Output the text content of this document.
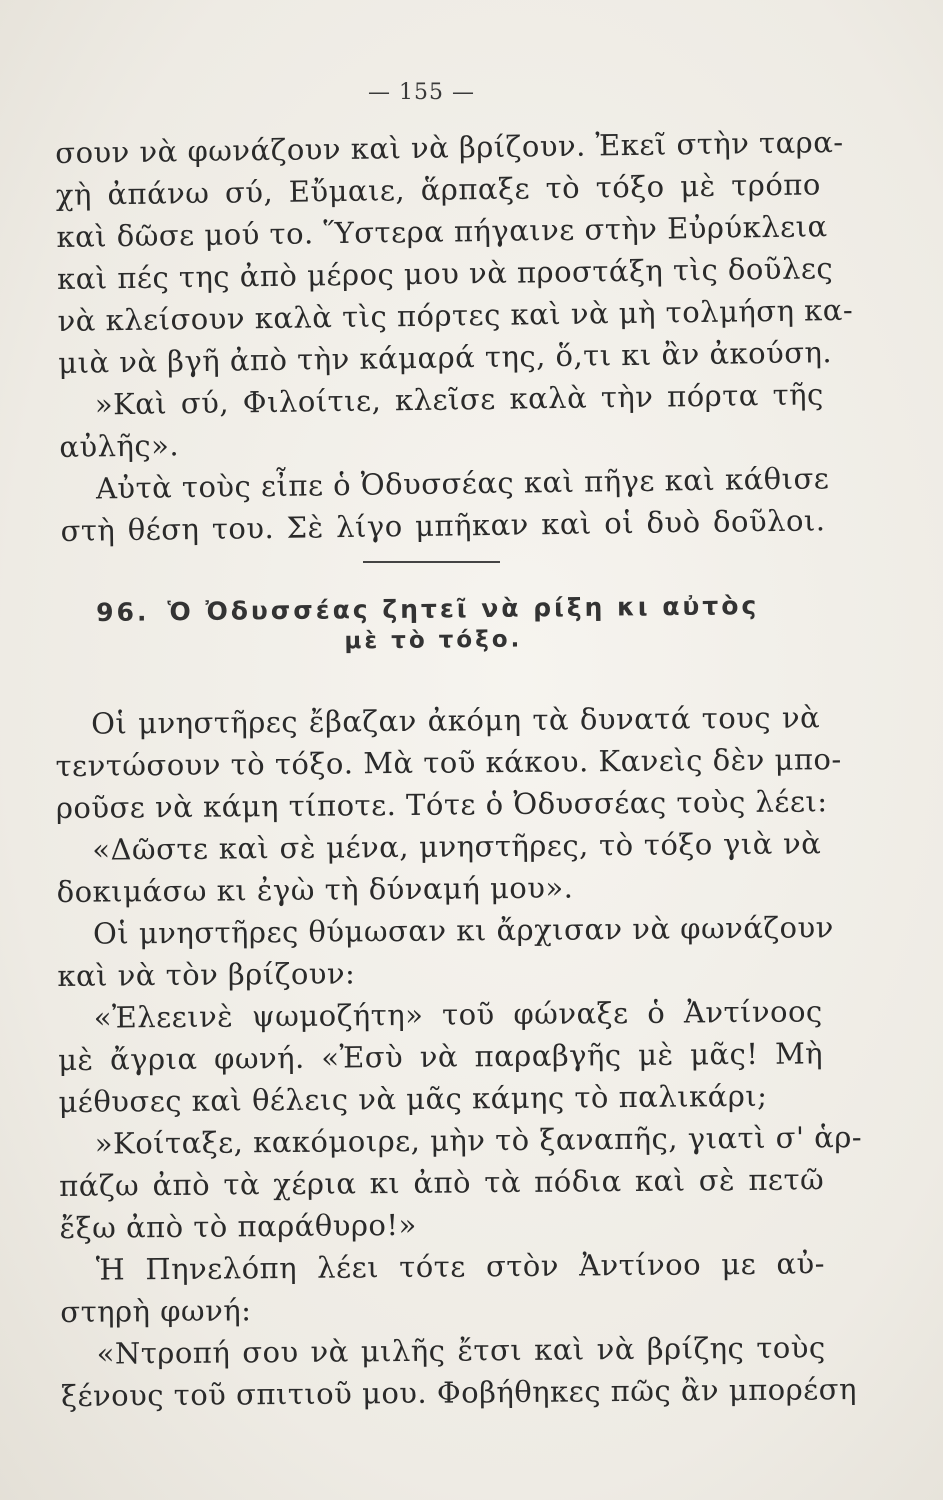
— 155 —
σουν νὰ φωνάζουν καὶ νὰ βρίζουν. Ἐκεῖ στὴν ταρα-
χὴ ἀπάνω σύ, Εὔμαιε, ἅρπαξε τὸ τόξο μὲ τρόπο
καὶ δῶσε μού το. Ὕστερα πήγαινε στὴν Εὐρύκλεια
καὶ πές της ἀπὸ μέρος μου νὰ προστάξη τὶς δοῦλες
νὰ κλείσουν καλὰ τὶς πόρτες καὶ νὰ μὴ τολμήση κα-
μιὰ νὰ βγῆ ἀπὸ τὴν κάμαρά της, ὅ,τι κι ἂν ἀκούση.
»Καὶ σύ, Φιλοίτιε, κλεῖσε καλὰ τὴν πόρτα τῆς
αὐλῆς».
Αὐτὰ τοὺς εἶπε ὁ Ὀδυσσέας καὶ πῆγε καὶ κάθισε
στὴ θέση του. Σὲ λίγο μπῆκαν καὶ οἱ δυὸ δοῦλοι.
96. Ὁ Ὀδυσσέας ζητεῖ νὰ ρίξη κι αὐτὸς
μὲ τὸ τόξο.
Οἱ μνηστῆρες ἔβαζαν ἀκόμη τὰ δυνατά τους νὰ
τεντώσουν τὸ τόξο. Μὰ τοῦ κάκου. Κανεὶς δὲν μπο-
ροῦσε νὰ κάμη τίποτε. Τότε ὁ Ὀδυσσέας τοὺς λέει:
«Δῶστε καὶ σὲ μένα, μνηστῆρες, τὸ τόξο γιὰ νὰ
δοκιμάσω κι ἐγὼ τὴ δύναμή μου».
Οἱ μνηστῆρες θύμωσαν κι ἄρχισαν νὰ φωνάζουν
καὶ νὰ τὸν βρίζουν:
«Ἐλεεινὲ ψωμοζήτη» τοῦ φώναξε ὁ Ἀντίνοος
μὲ ἄγρια φωνή. «Ἐσὺ νὰ παραβγῆς μὲ μᾶς! Μὴ
μέθυσες καὶ θέλεις νὰ μᾶς κάμης τὸ παλικάρι;
»Κοίταξε, κακόμοιρε, μὴν τὸ ξαναπῆς, γιατὶ σ' ἁρ-
πάζω ἀπὸ τὰ χέρια κι ἀπὸ τὰ πόδια καὶ σὲ πετῶ
ἔξω ἀπὸ τὸ παράθυρο!»
Ἡ Πηνελόπη λέει τότε στὸν Ἀντίνοο με αὐ-
στηρὴ φωνή:
«Ντροπή σου νὰ μιλῆς ἔτσι καὶ νὰ βρίζης τοὺς
ξένους τοῦ σπιτιοῦ μου. Φοβήθηκες πῶς ἂν μπορέση
